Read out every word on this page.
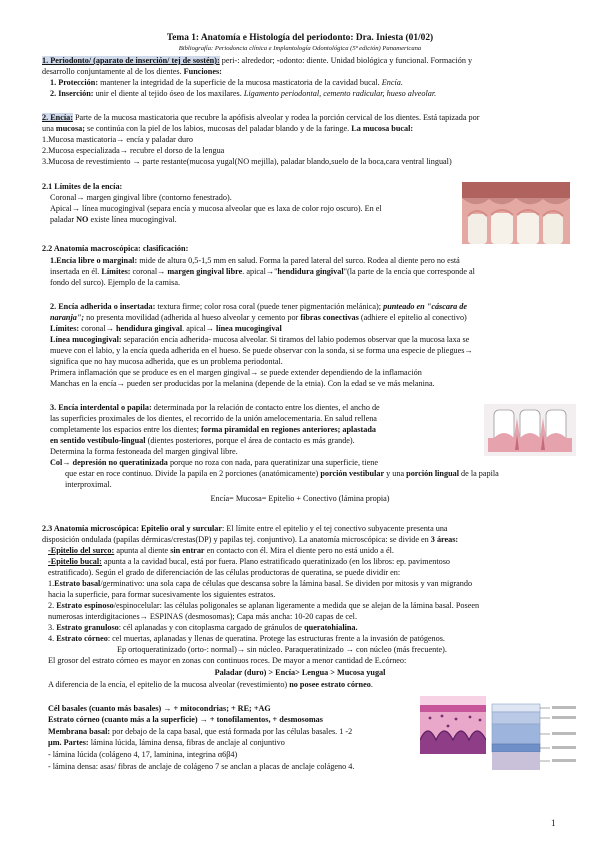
Tema 1: Anatomía e Histología del periodonto: Dra. Iniesta (01/02)
Bibliografía: Periodoncia clínica e Implantología Odontológica (5ª edición) Panamericana
1. Periodonto/ (aparato de inserción/ tej de sostén): peri-: alrededor; -odonto: diente. Unidad biológica y funcional. Formación y
desarrollo conjuntamente al de los dientes. Funciones:
1. Protección: mantener la integridad de la superficie de la mucosa masticatoria de la cavidad bucal. Encía.
2. Inserción: unir el diente al tejido óseo de los maxilares. Ligamento periodontal, cemento radicular, hueso alveolar.
2. Encía: Parte de la mucosa masticatoria que recubre la apófisis alveolar y rodea la porción cervical de los dientes. Está tapizada por
una mucosa; se continúa con la piel de los labios, mucosas del paladar blando y de la faringe. La mucosa bucal:
1.Mucosa masticatoria→ encía y paladar duro
2.Mucosa especializada→ recubre el dorso de la lengua
3.Mucosa de revestimiento → parte restante(mucosa yugal(NO mejilla), paladar blando,suelo de la boca,cara ventral lingual)
2.1 Límites de la encía:
Coronal→ margen gingival libre (contorno fenestrado).
Apical→ línea mucogingival (separa encía y mucosa alveolar que es laxa de color rojo oscuro). En el
paladar NO existe línea mucogingival.
2.2 Anatomía macroscópica: clasificación:
1.Encía libre o marginal: mide de altura 0,5-1,5 mm en salud. Forma la pared lateral del surco. Rodea al diente pero no está
insertada en él. Límites: coronal→ margen gingival libre. apical→"hendidura gingival"(la parte de la encía que corresponde al
fondo del surco). Ejemplo de la camisa.
2. Encía adherida o insertada: textura firme; color rosa coral (puede tener pigmentación melánica); punteado en "cáscara de
naranja"; no presenta movilidad (adherida al hueso alveolar y cemento por fibras conectivas (adhiere el epitelio al conectivo)
Límites: coronal→ hendidura gingival. apical→ línea mucogingival
Línea mucogingival: separación encía adherida- mucosa alveolar. Si tiramos del labio podemos observar que la mucosa laxa se
mueve con el labio, y la encía queda adherida en el hueso. Se puede observar con la sonda, si se forma una especie de pliegues→
significa que no hay mucosa adherida, que es un problema periodontal.
Primera inflamación que se produce es en el margen gingival→ se puede extender dependiendo de la inflamación
Manchas en la encía→ pueden ser producidas por la melanina (depende de la etnia). Con la edad se ve más melanina.
3. Encía interdental o papila: determinada por la relación de contacto entre los dientes, el ancho de
las superficies proximales de los dientes, el recorrido de la unión amelocementaria. En salud rellena
completamente los espacios entre los dientes; forma piramidal en regiones anteriores; aplastada
en sentido vestíbulo-lingual (dientes posteriores, porque el área de contacto es más grande).
Determina la forma festoneada del margen gingival libre.
Col→ depresión no queratinizada porque no roza con nada, para queratinizar una superficie, tiene
que estar en roce continuo. Divide la papila en 2 porciones (anatómicamente) porción vestibular y una porción lingual de la papila
interproximal.
Encía= Mucosa= Epitelio + Conectivo (lámina propia)
2.3 Anatomía microscópica: Epitelio oral y surcular: El límite entre el epitelio y el tej conectivo subyacente presenta una
disposición ondulada (papilas dérmicas/crestas(DP) y papilas tej. conjuntivo). La anatomía microscópica: se divide en 3 áreas:
-Epitelio del surco: apunta al diente sin entrar en contacto con él. Mira el diente pero no está unido a él.
-Epitelio bucal: apunta a la cavidad bucal, está por fuera. Plano estratificado queratinizado (en los libros: ep. pavimentoso
estratificado). Según el grado de diferenciación de las células productoras de queratina, se puede dividir en:
1.Estrato basal/germinativo: una sola capa de células que descansa sobre la lámina basal. Se dividen por mitosis y van migrando
hacia la superficie, para formar sucesivamente los siguientes estratos.
2. Estrato espinoso/espinocelular: las células poligonales se aplanan ligeramente a medida que se alejan de la lámina basal. Poseen
numerosas interdigitaciones→ ESPINAS (desmosomas); Capa más ancha: 10-20 capas de cel.
3. Estrato granuloso: cél aplanadas y con citoplasma cargado de gránulos de queratohialina.
4. Estrato córneo: cel muertas, aplanadas y llenas de queratina. Protege las estructuras frente a la invasión de patógenos.
Ep ortoqueratinizado (orto-: normal)→ sin núcleo. Paraqueratinizado → con núcleo (más frecuente).
El grosor del estrato córneo es mayor en zonas con continuos roces. De mayor a menor cantidad de E.córneo:
Paladar (duro) > Encía> Lengua > Mucosa yugal
A diferencia de la encía, el epitelio de la mucosa alveolar (revestimiento) no posee estrato córneo.
Cél basales (cuanto más basales) → + mitocondrias; + RE; +AG
Estrato córneo (cuanto más a la superficie) → + tonofilamentos, + desmosomas
Membrana basal: por debajo de la capa basal, que está formada por las células basales. 1 -2
µm. Partes: lámina lúcida, lámina densa, fibras de anclaje al conjuntivo
- lámina lúcida (colágeno 4, 17, laminina, integrina α6β4)
- lámina densa: asas/ fibras de anclaje de colágeno 7 se anclan a placas de anclaje colágeno 4.
1
